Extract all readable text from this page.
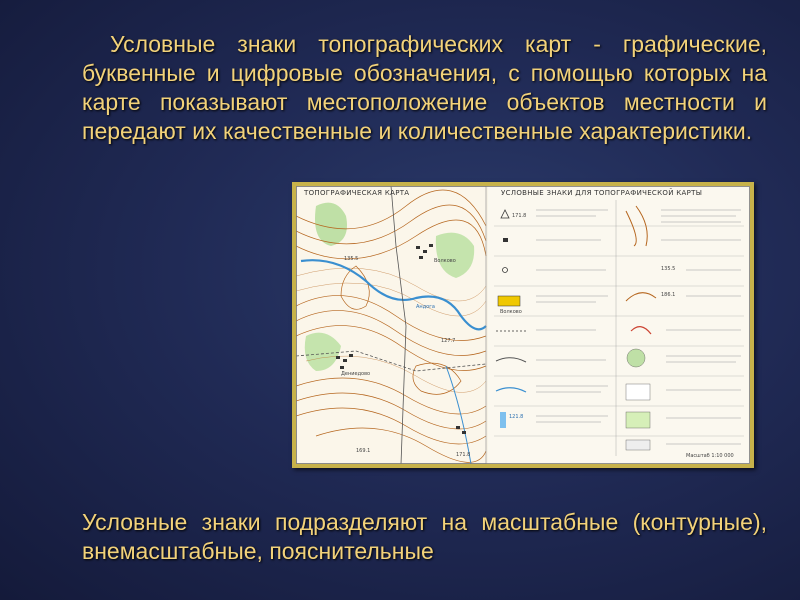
Условные знаки топографических карт - графические, буквенные и цифровые обозначения, с помощью которых на карте показывают местоположение объектов местности и передают их качественные и количественные характеристики.
ТОПОГРАФИЧЕСКАЯ КАРТА	УСЛОВНЫЕ ЗНАКИ ДЛЯ ТОПОГРАФИЧЕСКОЙ КАРТЫ
135.5
127.7
171.8
169.1
Волково
Дениедово
Андога
171.8
Волково
121.8
135.5
186.1
Масштаб 1:10 000
Условные знаки подразделяют на масштабные (контурные), внемасштабные, пояснительные
